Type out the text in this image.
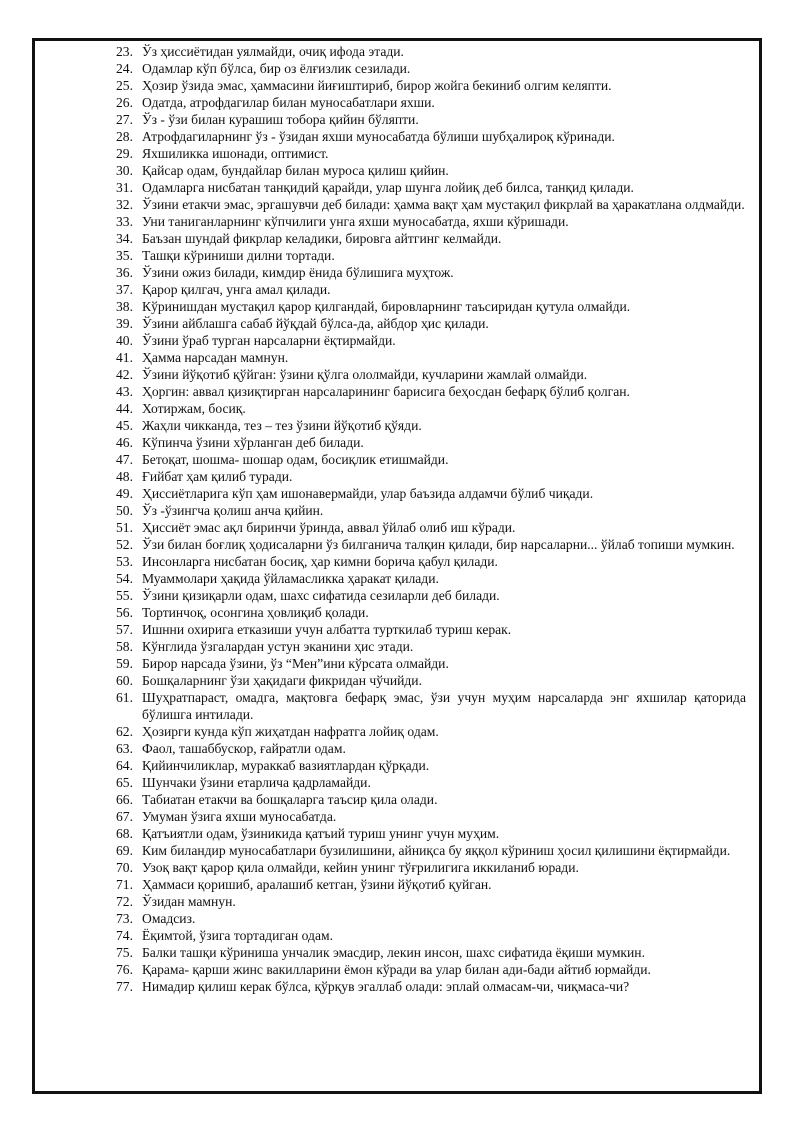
23. Ўз ҳиссиётидан уялмайди, очиқ ифода этади.
24. Одамлар кўп бўлса, бир оз ёлғизлик сезилади.
25. Ҳозир ўзида эмас, ҳаммасини йиғиштириб, бирор жойга бекиниб олгим келяпти.
26. Одатда, атрофдагилар билан муносабатлари яхши.
27. Ўз - ўзи билан курашиш тобора қийин бўляпти.
28. Атрофдагиларнинг ўз - ўзидан яхши муносабатда бўлиши шубҳалироқ кўринади.
29. Яхшиликка ишонади, оптимист.
30. Қайсар одам, бундайлар билан муроса қилиш қийин.
31. Одамларга нисбатан танқидий қарайди, улар шунга лойиқ деб билса, танқид қилади.
32. Ўзини етакчи эмас, эргашувчи деб билади: ҳамма вақт ҳам мустақил фикрлай ва ҳаракатлана олдмайди.
33. Уни таниганларнинг кўпчилиги унга яхши муносабатда, яхши кўришади.
34. Баъзан шундай фикрлар келадики, бировга айтгинг келмайди.
35. Ташқи кўриниши дилни тортади.
36. Ўзини ожиз билади, кимдир ёнида бўлишига муҳтож.
37. Қарор қилгач, унга амал қилади.
38. Кўринишдан мустақил қарор қилгандай, бировларнинг таъсиридан қутула олмайди.
39. Ўзини айблашга сабаб йўқдай бўлса-да, айбдор ҳис қилади.
40. Ўзини ўраб турган нарсаларни ёқтирмайди.
41. Ҳамма нарсадан мамнун.
42. Ўзини йўқотиб қўйган: ўзини қўлга ололмайди, кучларини жамлай олмайди.
43. Ҳоргин: аввал қизиқтирган нарсаларининг барисига беҳосдан бефарқ бўлиб қолган.
44. Хотиржам, босиқ.
45. Жаҳли чикканда, тез – тез ўзини йўқотиб қўяди.
46. Кўпинча ўзини хўрланган деб билади.
47. Бетоқат, шошма- шошар одам, босиқлик етишмайди.
48. Ғийбат ҳам қилиб туради.
49. Ҳиссиётларига кўп ҳам ишонавермайди, улар баъзида алдамчи бўлиб чиқади.
50. Ўз -ўзингча қолиш анча қийин.
51. Ҳиссиёт эмас ақл биринчи ўринда, аввал ўйлаб олиб иш кўради.
52. Ўзи билан боғлиқ ҳодисаларни ўз билганича талқин қилади, бир нарсаларни... ўйлаб топиши мумкин.
53. Инсонларга нисбатан босиқ, ҳар кимни борича қабул қилади.
54. Муаммолари ҳақида ўйламасликка ҳаракат қилади.
55. Ўзини қизиқарли одам, шахс сифатида сезиларли деб билади.
56. Тортинчоқ, осонгина ҳовлиқиб қолади.
57. Ишнни охирига етказиши учун албатта турткилаб туриш керак.
58. Кўнглида ўзгалардан устун эканини ҳис этади.
59. Бирор нарсада ўзини, ўз “Мен”ини кўрсата олмайди.
60. Бошқаларнинг ўзи ҳақидаги фикридан чўчийди.
61. Шуҳратпараст, омадга, мақтовга бефарқ эмас, ўзи учун муҳим нарсаларда энг яхшилар қаторида бўлишга интилади.
62. Ҳозирги кунда кўп жиҳатдан нафратга лойиқ одам.
63. Фаол, ташаббускор, ғайратли одам.
64. Қийинчиликлар, мураккаб вазиятлардан қўрқади.
65. Шунчаки ўзини етарлича қадрламайди.
66. Табиатан етакчи ва бошқаларга таъсир қила олади.
67. Умуман ўзига яхши муносабатда.
68. Қатъиятли одам, ўзиникида қатъий туриш унинг учун муҳим.
69. Ким биландир муносабатлари бузилишини, айниқса бу яққол кўриниш ҳосил қилишини ёқтирмайди.
70. Узоқ вақт қарор қила олмайди, кейин унинг тўғрилигига иккиланиб юради.
71. Ҳаммаси қоришиб, аралашиб кетган, ўзини йўқотиб қуйган.
72. Ўзидан мамнун.
73. Омадсиз.
74. Ёқимтой, ўзига тортадиган одам.
75. Балки ташқи кўриниша унчалик эмасдир, лекин инсон, шахс сифатида ёқиши мумкин.
76. Қарама- қарши жинс вакилларини ёмон кўради ва улар билан ади-бади айтиб юрмайди.
77. Нимадир қилиш керак бўлса, қўрқув эгаллаб олади: эплай олмасам-чи, чиқмаса-чи?
